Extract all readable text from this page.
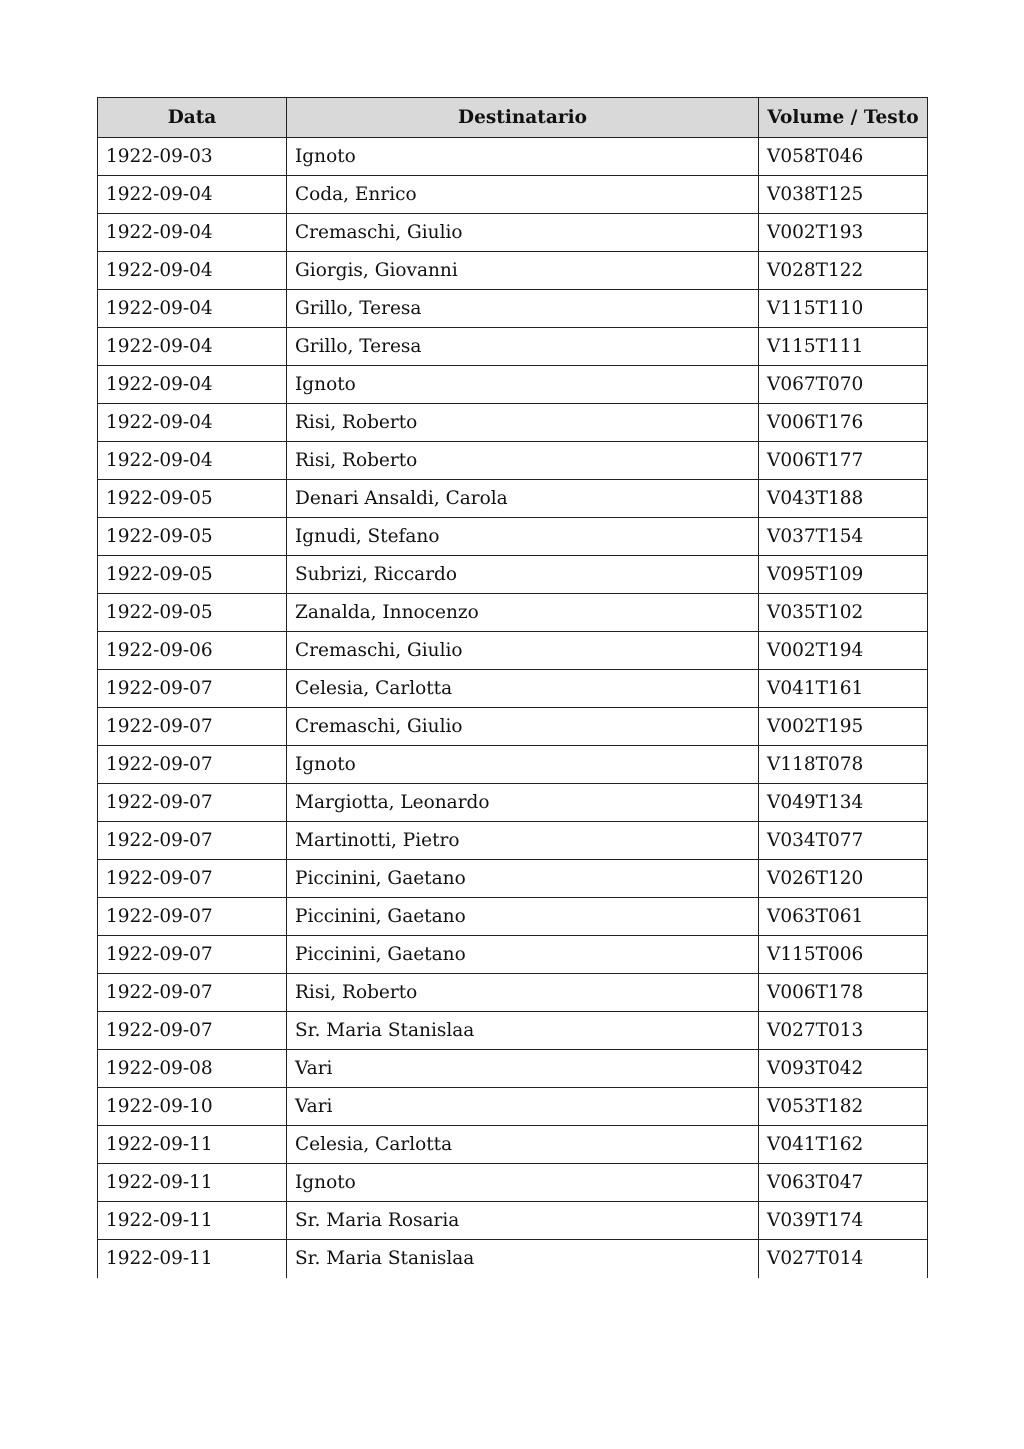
Data	Destinatario	Volume / Testo
1922-09-03	Ignoto	V058T046
1922-09-04	Coda, Enrico	V038T125
1922-09-04	Cremaschi, Giulio	V002T193
1922-09-04	Giorgis, Giovanni	V028T122
1922-09-04	Grillo, Teresa	V115T110
1922-09-04	Grillo, Teresa	V115T111
1922-09-04	Ignoto	V067T070
1922-09-04	Risi, Roberto	V006T176
1922-09-04	Risi, Roberto	V006T177
1922-09-05	Denari Ansaldi, Carola	V043T188
1922-09-05	Ignudi, Stefano	V037T154
1922-09-05	Subrizi, Riccardo	V095T109
1922-09-05	Zanalda, Innocenzo	V035T102
1922-09-06	Cremaschi, Giulio	V002T194
1922-09-07	Celesia, Carlotta	V041T161
1922-09-07	Cremaschi, Giulio	V002T195
1922-09-07	Ignoto	V118T078
1922-09-07	Margiotta, Leonardo	V049T134
1922-09-07	Martinotti, Pietro	V034T077
1922-09-07	Piccinini, Gaetano	V026T120
1922-09-07	Piccinini, Gaetano	V063T061
1922-09-07	Piccinini, Gaetano	V115T006
1922-09-07	Risi, Roberto	V006T178
1922-09-07	Sr. Maria Stanislaa	V027T013
1922-09-08	Vari	V093T042
1922-09-10	Vari	V053T182
1922-09-11	Celesia, Carlotta	V041T162
1922-09-11	Ignoto	V063T047
1922-09-11	Sr. Maria Rosaria	V039T174
1922-09-11	Sr. Maria Stanislaa	V027T014
